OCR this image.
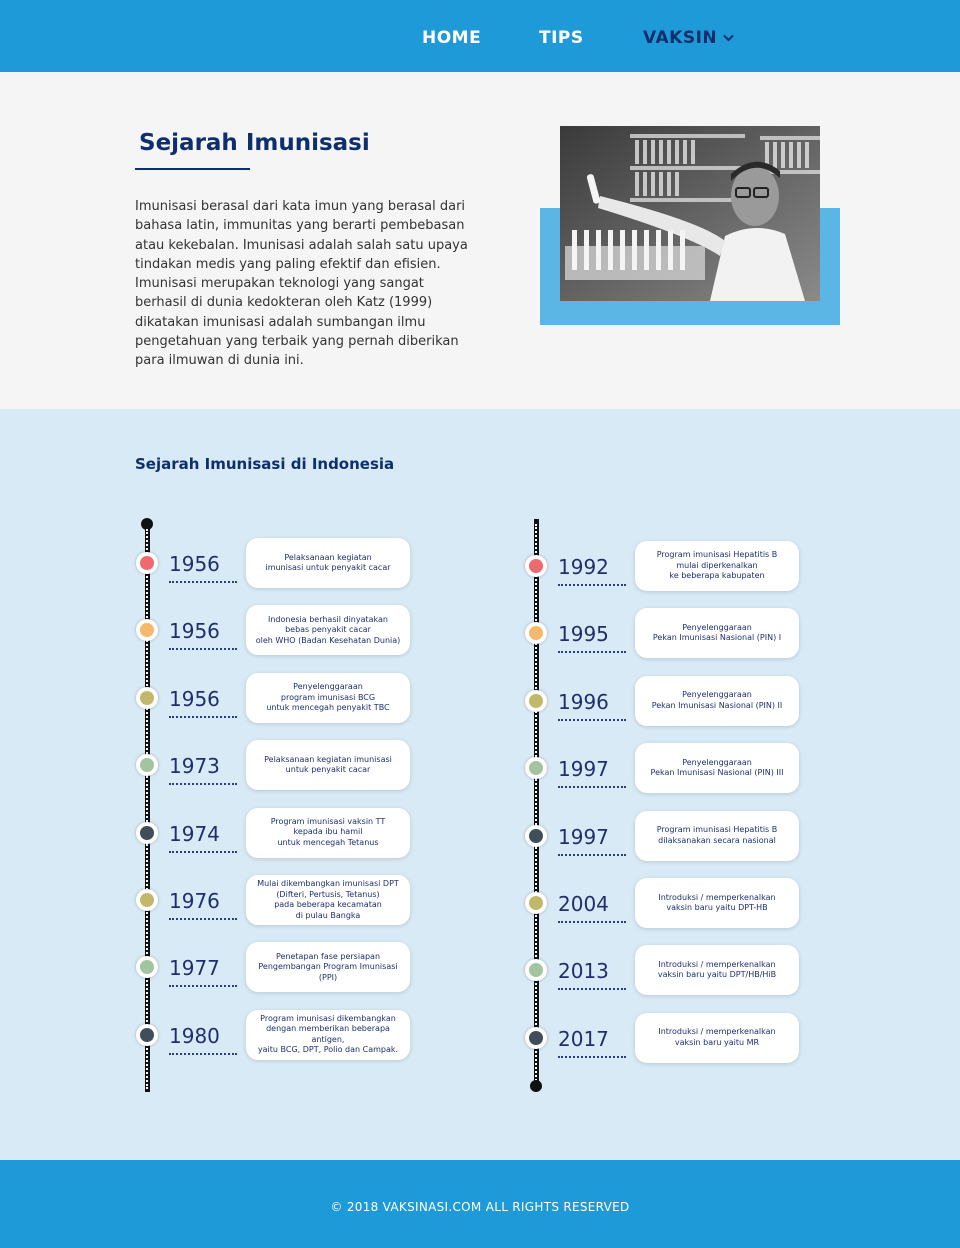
HOME	TIPS	VAKSIN
Sejarah Imunisasi
Imunisasi berasal dari kata imun yang berasal dari bahasa latin, immunitas yang berarti pembebasan atau kekebalan. Imunisasi adalah salah satu upaya tindakan medis yang paling efektif dan efisien. Imunisasi merupakan teknologi yang sangat berhasil di dunia kedokteran oleh Katz (1999) dikatakan imunisasi adalah sumbangan ilmu pengetahuan yang terbaik yang pernah diberikan para ilmuwan di dunia ini.
Sejarah Imunisasi di Indonesia
1956	Pelaksanaan kegiatan
imunisasi untuk penyakit cacar
1956
Indonesia berhasil dinyatakan
bebas penyakit cacar
oleh WHO (Badan Kesehatan Dunia)
1956
Penyelenggaraan
program imunisasi BCG
untuk mencegah penyakit TBC
1973	Pelaksanaan kegiatan imunisasi
untuk penyakit cacar
1974
Program imunisasi vaksin TT
kepada ibu hamil
untuk mencegah Tetanus
1976
Mulai dikembangkan imunisasi DPT
(Difteri, Pertusis, Tetanus)
pada beberapa kecamatan
di pulau Bangka
1977
Penetapan fase persiapan
Pengembangan Program Imunisasi (PPI)
1980
Program imunisasi dikembangkan
dengan memberikan beberapa antigen,
yaitu BCG, DPT, Polio dan Campak.
1992
Program imunisasi Hepatitis B
mulai diperkenalkan
ke beberapa kabupaten
1995	Penyelenggaraan
Pekan Imunisasi Nasional (PIN) I
1996	Penyelenggaraan
Pekan Imunisasi Nasional (PIN) II
1997	Penyelenggaraan
Pekan Imunisasi Nasional (PIN) III
1997	Program imunisasi Hepatitis B
dilaksanakan secara nasional
2004	Introduksi / memperkenalkan
vaksin baru yaitu DPT-HB
2013	Introduksi / memperkenalkan
vaksin baru yaitu DPT/HB/HiB
2017	Introduksi / memperkenalkan
vaksin baru yaitu MR
© 2018 VAKSINASI.COM ALL RIGHTS RESERVED
